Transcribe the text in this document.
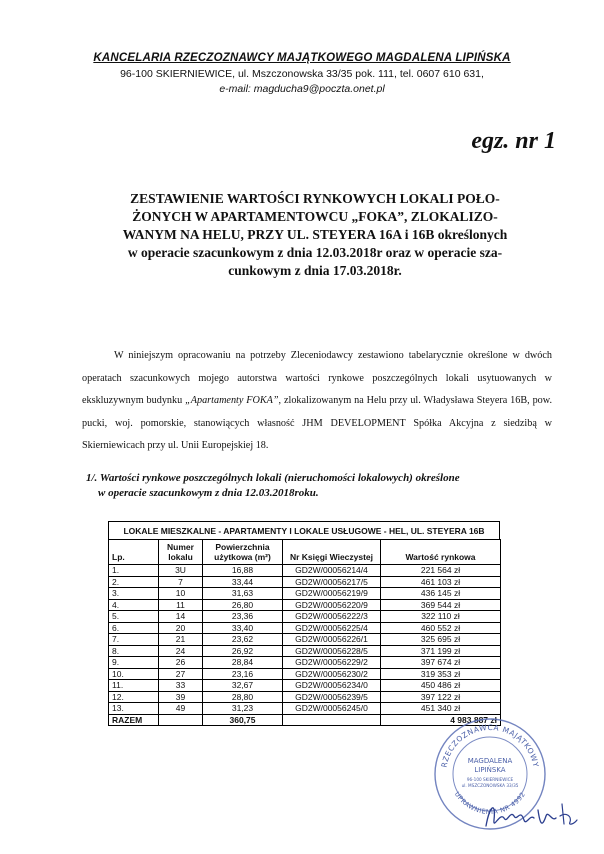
KANCELARIA RZECZOZNAWCY MAJĄTKOWEGO MAGDALENA LIPIŃSKA
96-100 SKIERNIEWICE, ul. Mszczonowska 33/35 pok. 111, tel. 0607 610 631,
e-mail: magducha9@poczta.onet.pl
egz. nr 1
ZESTAWIENIE WARTOŚCI RYNKOWYCH LOKALI POŁO-
ŻONYCH W APARTAMENTOWCU „FOKA”, ZLOKALIZO-
WANYM NA HELU, PRZY UL. STEYERA 16A i 16B określonych
w operacie szacunkowym z dnia 12.03.2018r oraz w operacie sza-
cunkowym z dnia 17.03.2018r.
W niniejszym opracowaniu na potrzeby Zleceniodawcy zestawiono tabelarycznie określone w dwóch operatach szacunkowych mojego autorstwa wartości rynkowe poszczególnych lokali usytuowanych w ekskluzywnym budynku „Apartamenty FOKA”, zlokalizowanym na Helu przy ul. Władysława Steyera 16B, pow. pucki, woj. pomorskie, stanowiących własność JHM DEVELOPMENT Spółka Akcyjna z siedzibą w Skierniewicach przy ul. Unii Europejskiej 18.
1/. Wartości rynkowe poszczególnych lokali (nieruchomości lokalowych) określone
w operacie szacunkowym z dnia 12.03.2018roku.
LOKALE MIESZKALNE - APARTAMENTY I LOKALE USŁUGOWE - HEL, UL. STEYERA 16B
Lp.	Numer lokalu	Powierzchnia użytkowa (m²)	Nr Księgi Wieczystej	Wartość rynkowa
1.	3U	16,88	GD2W/00056214/4	221 564 zł
2.	7	33,44	GD2W/00056217/5	461 103 zł
3.	10	31,63	GD2W/00056219/9	436 145 zł
4.	11	26,80	GD2W/00056220/9	369 544 zł
5.	14	23,36	GD2W/00056222/3	322 110 zł
6.	20	33,40	GD2W/00056225/4	460 552 zł
7.	21	23,62	GD2W/00056226/1	325 695 zł
8.	24	26,92	GD2W/00056228/5	371 199 zł
9.	26	28,84	GD2W/00056229/2	397 674 zł
10.	27	23,16	GD2W/00056230/2	319 353 zł
11.	33	32,67	GD2W/00056234/0	450 486 zł
12.	39	28,80	GD2W/00056239/5	397 122 zł
13.	49	31,23	GD2W/00056245/0	451 340 zł
RAZEM		360,75		4 983 887 zł
RZECZOZNAWCA MAJĄTKOWY
UPRAWNIENIA NR 4992
MAGDALENA
LIPIŃSKA
96-100 SKIERNIEWICE
ul. MSZCZONOWSKA 33/35
